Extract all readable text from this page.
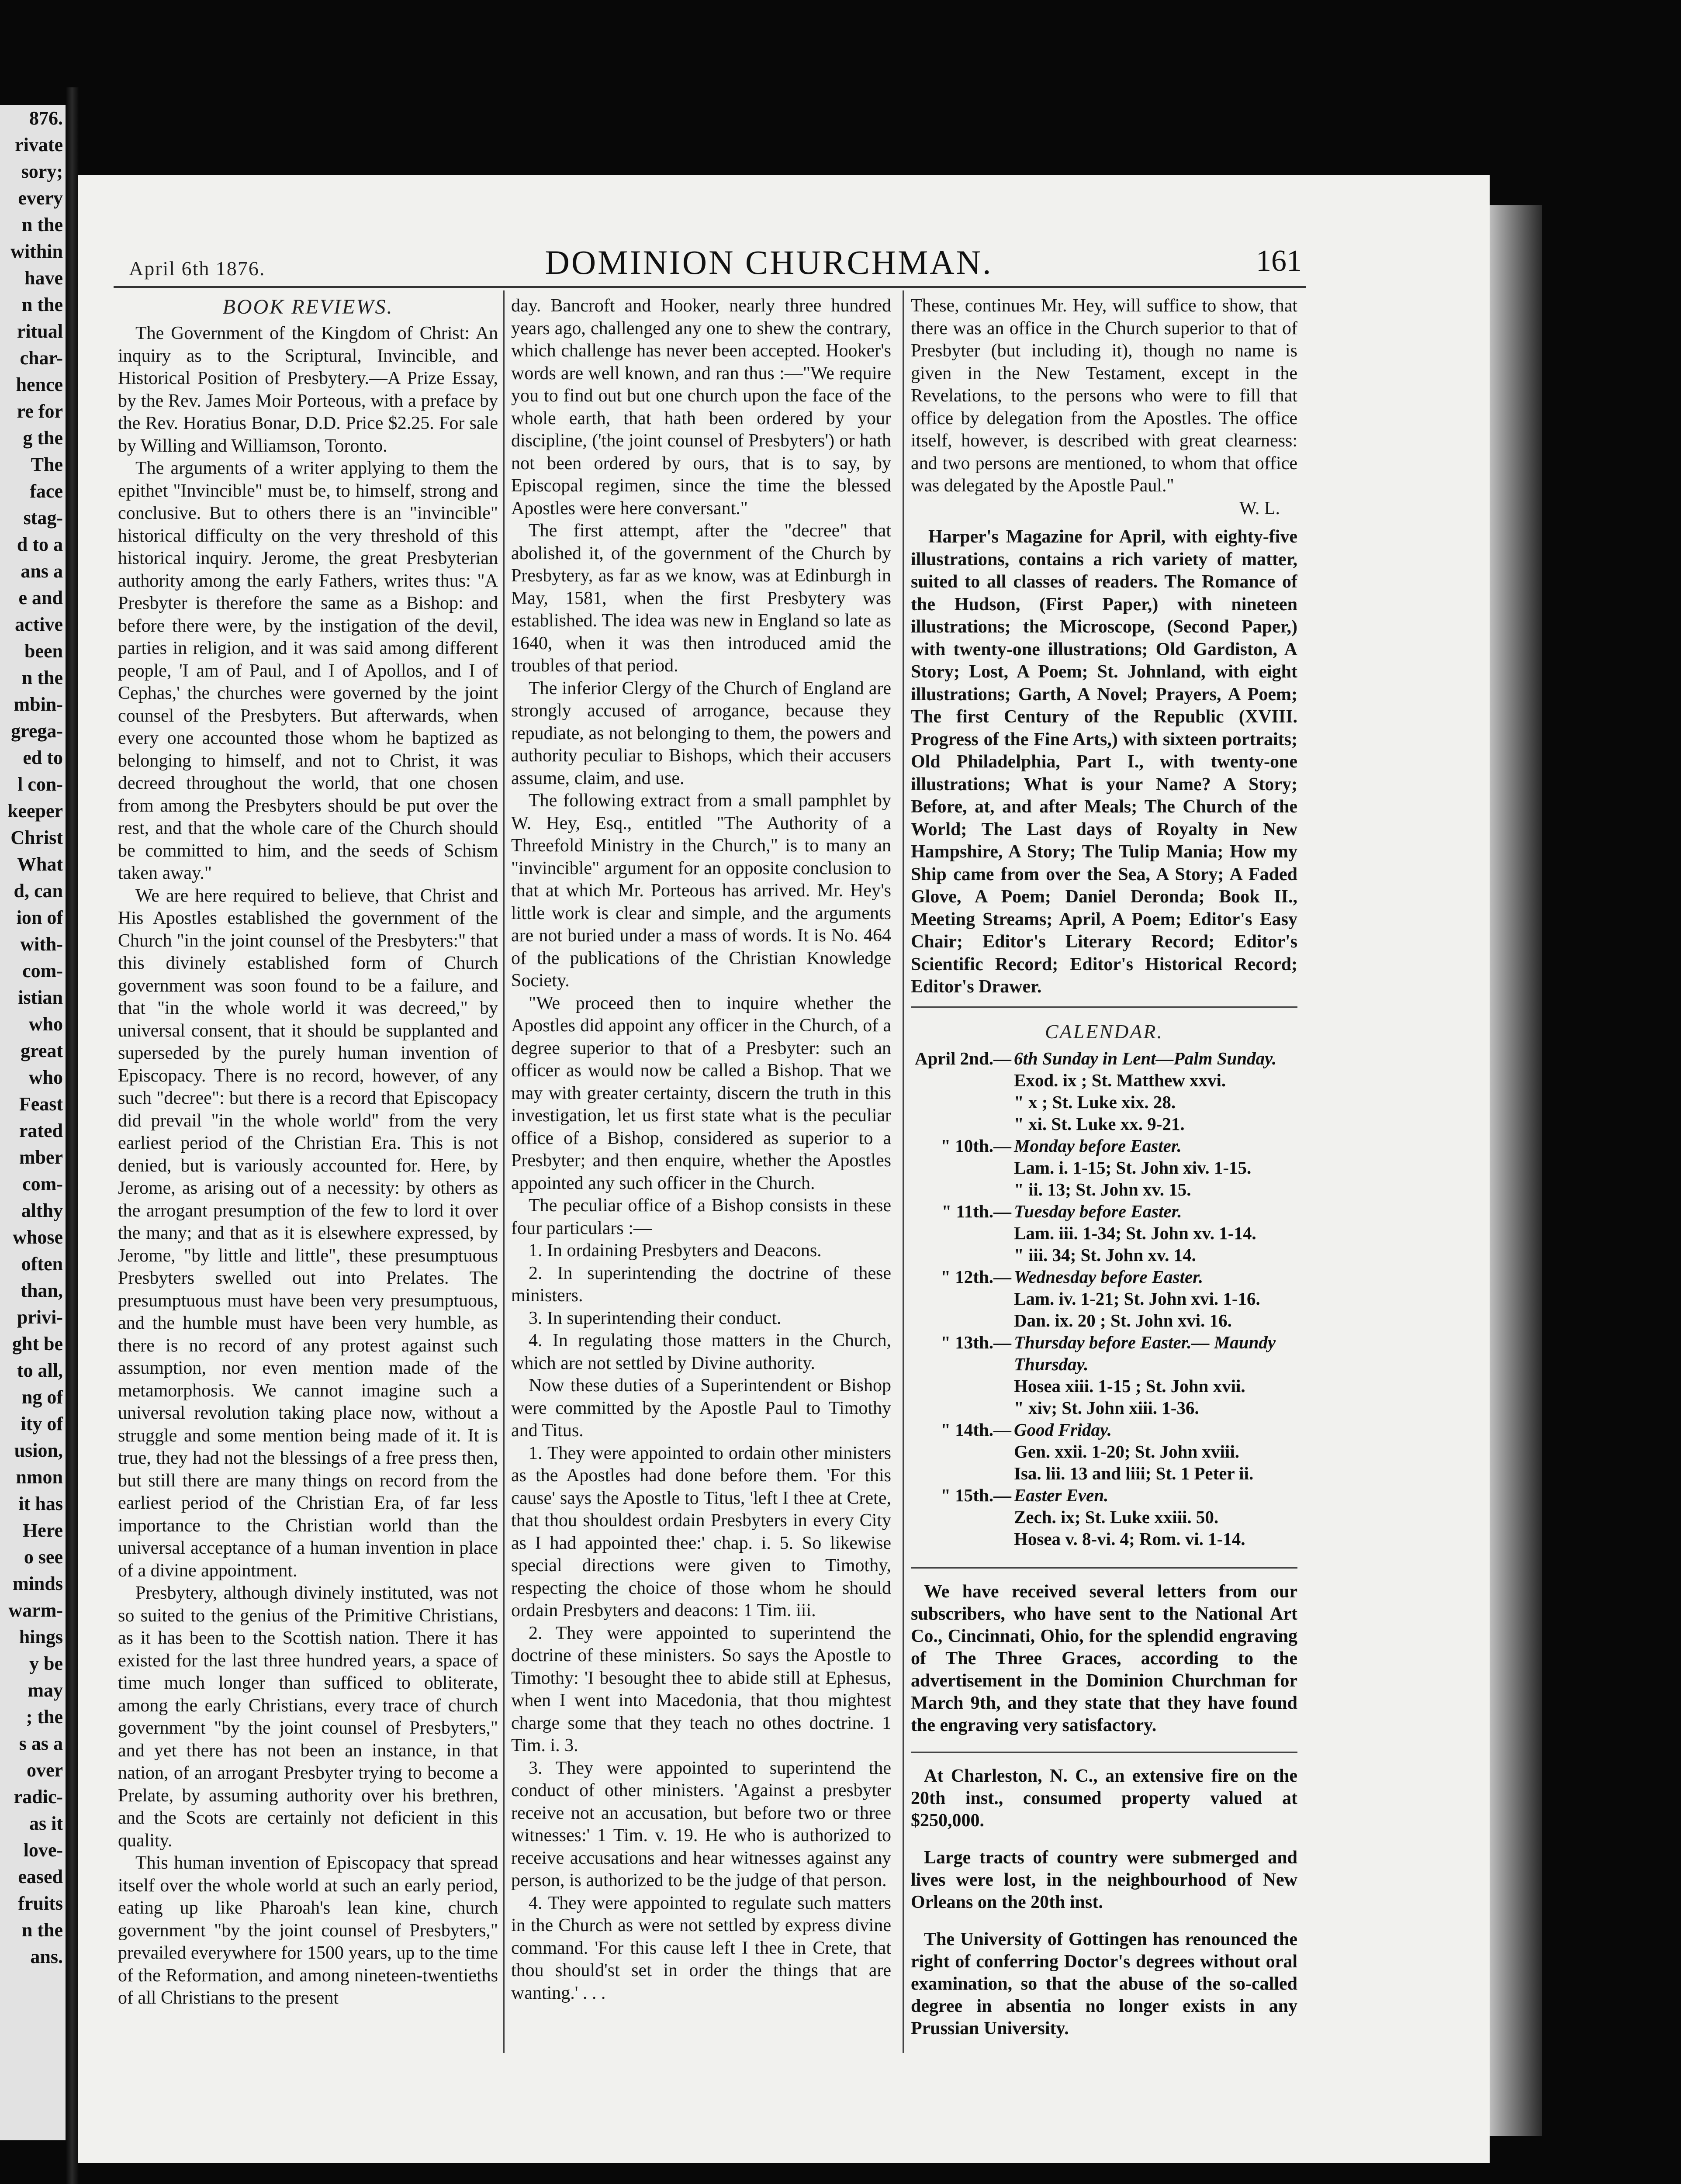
876.
rivate
sory;
every
n the
within
have
n the
ritual
char-
hence
re for
g the
The
face
stag-
d to a
ans a
e and
active
been
n the
mbin-
grega-
ed to
l con-
keeper
Christ
What
d, can
ion of
with-
com-
istian
who
great
who
Feast
rated
mber
com-
althy
whose
often
than,
privi-
ght be
to all,
ng of
ity of
usion,
nmon
it has
Here
o see
minds
warm-
hings
y be
may
; the
s as a
over
radic-
as it
love-
eased
fruits
n the
ans.
April 6th 1876.	DOMINION CHURCHMAN.	161
BOOK REVIEWS.

The Government of the Kingdom of Christ: An inquiry as to the Scriptural, Invincible, and Historical Position of Presbytery.—A Prize Essay, by the Rev. James Moir Porteous, with a preface by the Rev. Horatius Bonar, D.D. Price $2.25. For sale by Willing and Williamson, Toronto.

The arguments of a writer applying to them the epithet "Invincible" must be, to himself, strong and conclusive. But to others there is an "invincible" historical difficulty on the very threshold of this historical inquiry. Jerome, the great Presbyterian authority among the early Fathers, writes thus: "A Presbyter is therefore the same as a Bishop: and before there were, by the instigation of the devil, parties in religion, and it was said among different people, 'I am of Paul, and I of Apollos, and I of Cephas,' the churches were governed by the joint counsel of the Presbyters. But afterwards, when every one accounted those whom he baptized as belonging to himself, and not to Christ, it was decreed throughout the world, that one chosen from among the Presbyters should be put over the rest, and that the whole care of the Church should be committed to him, and the seeds of Schism taken away."

We are here required to believe, that Christ and His Apostles established the government of the Church "in the joint counsel of the Presbyters:" that this divinely established form of Church government was soon found to be a failure, and that "in the whole world it was decreed," by universal consent, that it should be supplanted and superseded by the purely human invention of Episcopacy. There is no record, however, of any such "decree": but there is a record that Episcopacy did prevail "in the whole world" from the very earliest period of the Christian Era. This is not denied, but is variously accounted for. Here, by Jerome, as arising out of a necessity: by others as the arrogant presumption of the few to lord it over the many; and that as it is elsewhere expressed, by Jerome, "by little and little", these presumptuous Presbyters swelled out into Prelates. The presumptuous must have been very presumptuous, and the humble must have been very humble, as there is no record of any protest against such assumption, nor even mention made of the metamorphosis. We cannot imagine such a universal revolution taking place now, without a struggle and some mention being made of it. It is true, they had not the blessings of a free press then, but still there are many things on record from the earliest period of the Christian Era, of far less importance to the Christian world than the universal acceptance of a human invention in place of a divine appointment.

Presbytery, although divinely instituted, was not so suited to the genius of the Primitive Christians, as it has been to the Scottish nation. There it has existed for the last three hundred years, a space of time much longer than sufficed to obliterate, among the early Christians, every trace of church government "by the joint counsel of Presbyters," and yet there has not been an instance, in that nation, of an arrogant Presbyter trying to become a Prelate, by assuming authority over his brethren, and the Scots are certainly not deficient in this quality.

This human invention of Episcopacy that spread itself over the whole world at such an early period, eating up like Pharoah's lean kine, church government "by the joint counsel of Presbyters," prevailed everywhere for 1500 years, up to the time of the Reformation, and among nineteen-twentieths of all Christians to the present

day. Bancroft and Hooker, nearly three hundred years ago, challenged any one to shew the contrary, which challenge has never been accepted. Hooker's words are well known, and ran thus :—"We require you to find out but one church upon the face of the whole earth, that hath been ordered by your discipline, ('the joint counsel of Presbyters') or hath not been ordered by ours, that is to say, by Episcopal regimen, since the time the blessed Apostles were here conversant."

The first attempt, after the "decree" that abolished it, of the government of the Church by Presbytery, as far as we know, was at Edinburgh in May, 1581, when the first Presbytery was established. The idea was new in England so late as 1640, when it was then introduced amid the troubles of that period.

The inferior Clergy of the Church of England are strongly accused of arrogance, because they repudiate, as not belonging to them, the powers and authority peculiar to Bishops, which their accusers assume, claim, and use.

The following extract from a small pamphlet by W. Hey, Esq., entitled "The Authority of a Threefold Ministry in the Church," is to many an "invincible" argument for an opposite conclusion to that at which Mr. Porteous has arrived. Mr. Hey's little work is clear and simple, and the arguments are not buried under a mass of words. It is No. 464 of the publications of the Christian Knowledge Society.

"We proceed then to inquire whether the Apostles did appoint any officer in the Church, of a degree superior to that of a Presbyter: such an officer as would now be called a Bishop. That we may with greater certainty, discern the truth in this investigation, let us first state what is the peculiar office of a Bishop, considered as superior to a Presbyter; and then enquire, whether the Apostles appointed any such officer in the Church.

The peculiar office of a Bishop consists in these four particulars :—

1. In ordaining Presbyters and Deacons.

2. In superintending the doctrine of these ministers.

3. In superintending their conduct.

4. In regulating those matters in the Church, which are not settled by Divine authority.

Now these duties of a Superintendent or Bishop were committed by the Apostle Paul to Timothy and Titus.

1. They were appointed to ordain other ministers as the Apostles had done before them. 'For this cause' says the Apostle to Titus, 'left I thee at Crete, that thou shouldest ordain Presbyters in every City as I had appointed thee:' chap. i. 5. So likewise special directions were given to Timothy, respecting the choice of those whom he should ordain Presbyters and deacons: 1 Tim. iii.

2. They were appointed to superintend the doctrine of these ministers. So says the Apostle to Timothy: 'I besought thee to abide still at Ephesus, when I went into Macedonia, that thou mightest charge some that they teach no othes doctrine. 1 Tim. i. 3.

3. They were appointed to superintend the conduct of other ministers. 'Against a presbyter receive not an accusation, but before two or three witnesses:' 1 Tim. v. 19. He who is authorized to receive accusations and hear witnesses against any person, is authorized to be the judge of that person.

4. They were appointed to regulate such matters in the Church as were not settled by express divine command. 'For this cause left I thee in Crete, that thou should'st set in order the things that are wanting.' . . .

These, continues Mr. Hey, will suffice to show, that there was an office in the Church superior to that of Presbyter (but including it), though no name is given in the New Testament, except in the Revelations, to the persons who were to fill that office by delegation from the Apostles. The office itself, however, is described with great clearness: and two persons are mentioned, to whom that office was delegated by the Apostle Paul."

W. L.

Harper's Magazine for April, with eighty-five illustrations, contains a rich variety of matter, suited to all classes of readers. The Romance of the Hudson, (First Paper,) with nineteen illustrations; the Microscope, (Second Paper,) with twenty-one illustrations; Old Gardiston, A Story; Lost, A Poem; St. Johnland, with eight illustrations; Garth, A Novel; Prayers, A Poem; The first Century of the Republic (XVIII. Progress of the Fine Arts,) with sixteen portraits; Old Philadelphia, Part I., with twenty-one illustrations; What is your Name? A Story; Before, at, and after Meals; The Church of the World; The Last days of Royalty in New Hampshire, A Story; The Tulip Mania; How my Ship came from over the Sea, A Story; A Faded Glove, A Poem; Daniel Deronda; Book II., Meeting Streams; April, A Poem; Editor's Easy Chair; Editor's Literary Record; Editor's Scientific Record; Editor's Historical Record; Editor's Drawer.

CALENDAR.
April 2nd.— 6th Sunday in Lent—Palm Sunday.
Exod. ix ; St. Matthew xxvi.
" x ; St. Luke xix. 28.
" xi. St. Luke xx. 9-21.
" 10th.— Monday before Easter.
Lam. i. 1-15; St. John xiv. 1-15.
" ii. 13; St. John xv. 15.
" 11th.— Tuesday before Easter.
Lam. iii. 1-34; St. John xv. 1-14.
" iii. 34; St. John xv. 14.
" 12th.— Wednesday before Easter.
Lam. iv. 1-21; St. John xvi. 1-16.
Dan. ix. 20 ; St. John xvi. 16.
" 13th.— Thursday before Easter.— Maundy Thursday.
Hosea xiii. 1-15 ; St. John xvii.
" xiv; St. John xiii. 1-36.
" 14th.— Good Friday.
Gen. xxii. 1-20; St. John xviii.
Isa. lii. 13 and liii; St. 1 Peter ii.
" 15th.— Easter Even.
Zech. ix; St. Luke xxiii. 50.
Hosea v. 8-vi. 4; Rom. vi. 1-14.

We have received several letters from our subscribers, who have sent to the National Art Co., Cincinnati, Ohio, for the splendid engraving of The Three Graces, according to the advertisement in the Dominion Churchman for March 9th, and they state that they have found the engraving very satisfactory.

At Charleston, N. C., an extensive fire on the 20th inst., consumed property valued at $250,000.

Large tracts of country were submerged and lives were lost, in the neighbourhood of New Orleans on the 20th inst.

The University of Gottingen has renounced the right of conferring Doctor's degrees without oral examination, so that the abuse of the so-called degree in absentia no longer exists in any Prussian University.
